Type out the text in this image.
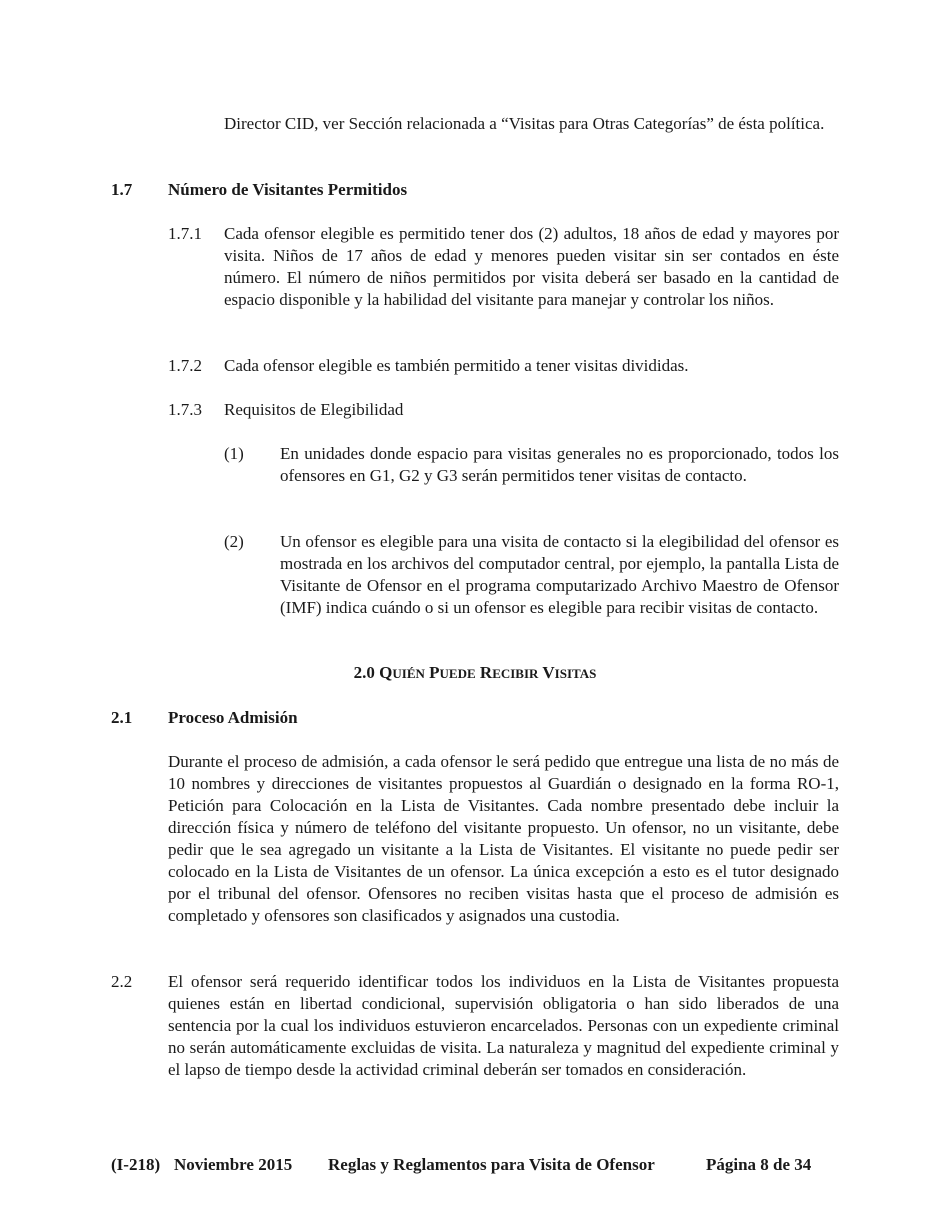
Director CID, ver Sección relacionada a “Visitas para Otras Categorías” de ésta política.
1.7 Número de Visitantes Permitidos
1.7.1 Cada ofensor elegible es permitido tener dos (2) adultos, 18 años de edad y mayores por visita. Niños de 17 años de edad y menores pueden visitar sin ser contados en éste número. El número de niños permitidos por visita deberá ser basado en la cantidad de espacio disponible y la habilidad del visitante para manejar y controlar los niños.
1.7.2 Cada ofensor elegible es también permitido a tener visitas divididas.
1.7.3 Requisitos de Elegibilidad
(1) En unidades donde espacio para visitas generales no es proporcionado, todos los ofensores en G1, G2 y G3 serán permitidos tener visitas de contacto.
(2) Un ofensor es elegible para una visita de contacto si la elegibilidad del ofensor es mostrada en los archivos del computador central, por ejemplo, la pantalla Lista de Visitante de Ofensor en el programa computarizado Archivo Maestro de Ofensor (IMF) indica cuándo o si un ofensor es elegible para recibir visitas de contacto.
2.0 QUIÉN PUEDE RECIBIR VISITAS
2.1 Proceso Admisión
Durante el proceso de admisión, a cada ofensor le será pedido que entregue una lista de no más de 10 nombres y direcciones de visitantes propuestos al Guardián o designado en la forma RO-1, Petición para Colocación en la Lista de Visitantes. Cada nombre presentado debe incluir la dirección física y número de teléfono del visitante propuesto. Un ofensor, no un visitante, debe pedir que le sea agregado un visitante a la Lista de Visitantes. El visitante no puede pedir ser colocado en la Lista de Visitantes de un ofensor. La única excepción a esto es el tutor designado por el tribunal del ofensor. Ofensores no reciben visitas hasta que el proceso de admisión es completado y ofensores son clasificados y asignados una custodia.
2.2 El ofensor será requerido identificar todos los individuos en la Lista de Visitantes propuesta quienes están en libertad condicional, supervisión obligatoria o han sido liberados de una sentencia por la cual los individuos estuvieron encarcelados. Personas con un expediente criminal no serán automáticamente excluidas de visita. La naturaleza y magnitud del expediente criminal y el lapso de tiempo desde la actividad criminal deberán ser tomados en consideración.
(I-218) Noviembre 2015 Reglas y Reglamentos para Visita de Ofensor	Página 8 de 34
